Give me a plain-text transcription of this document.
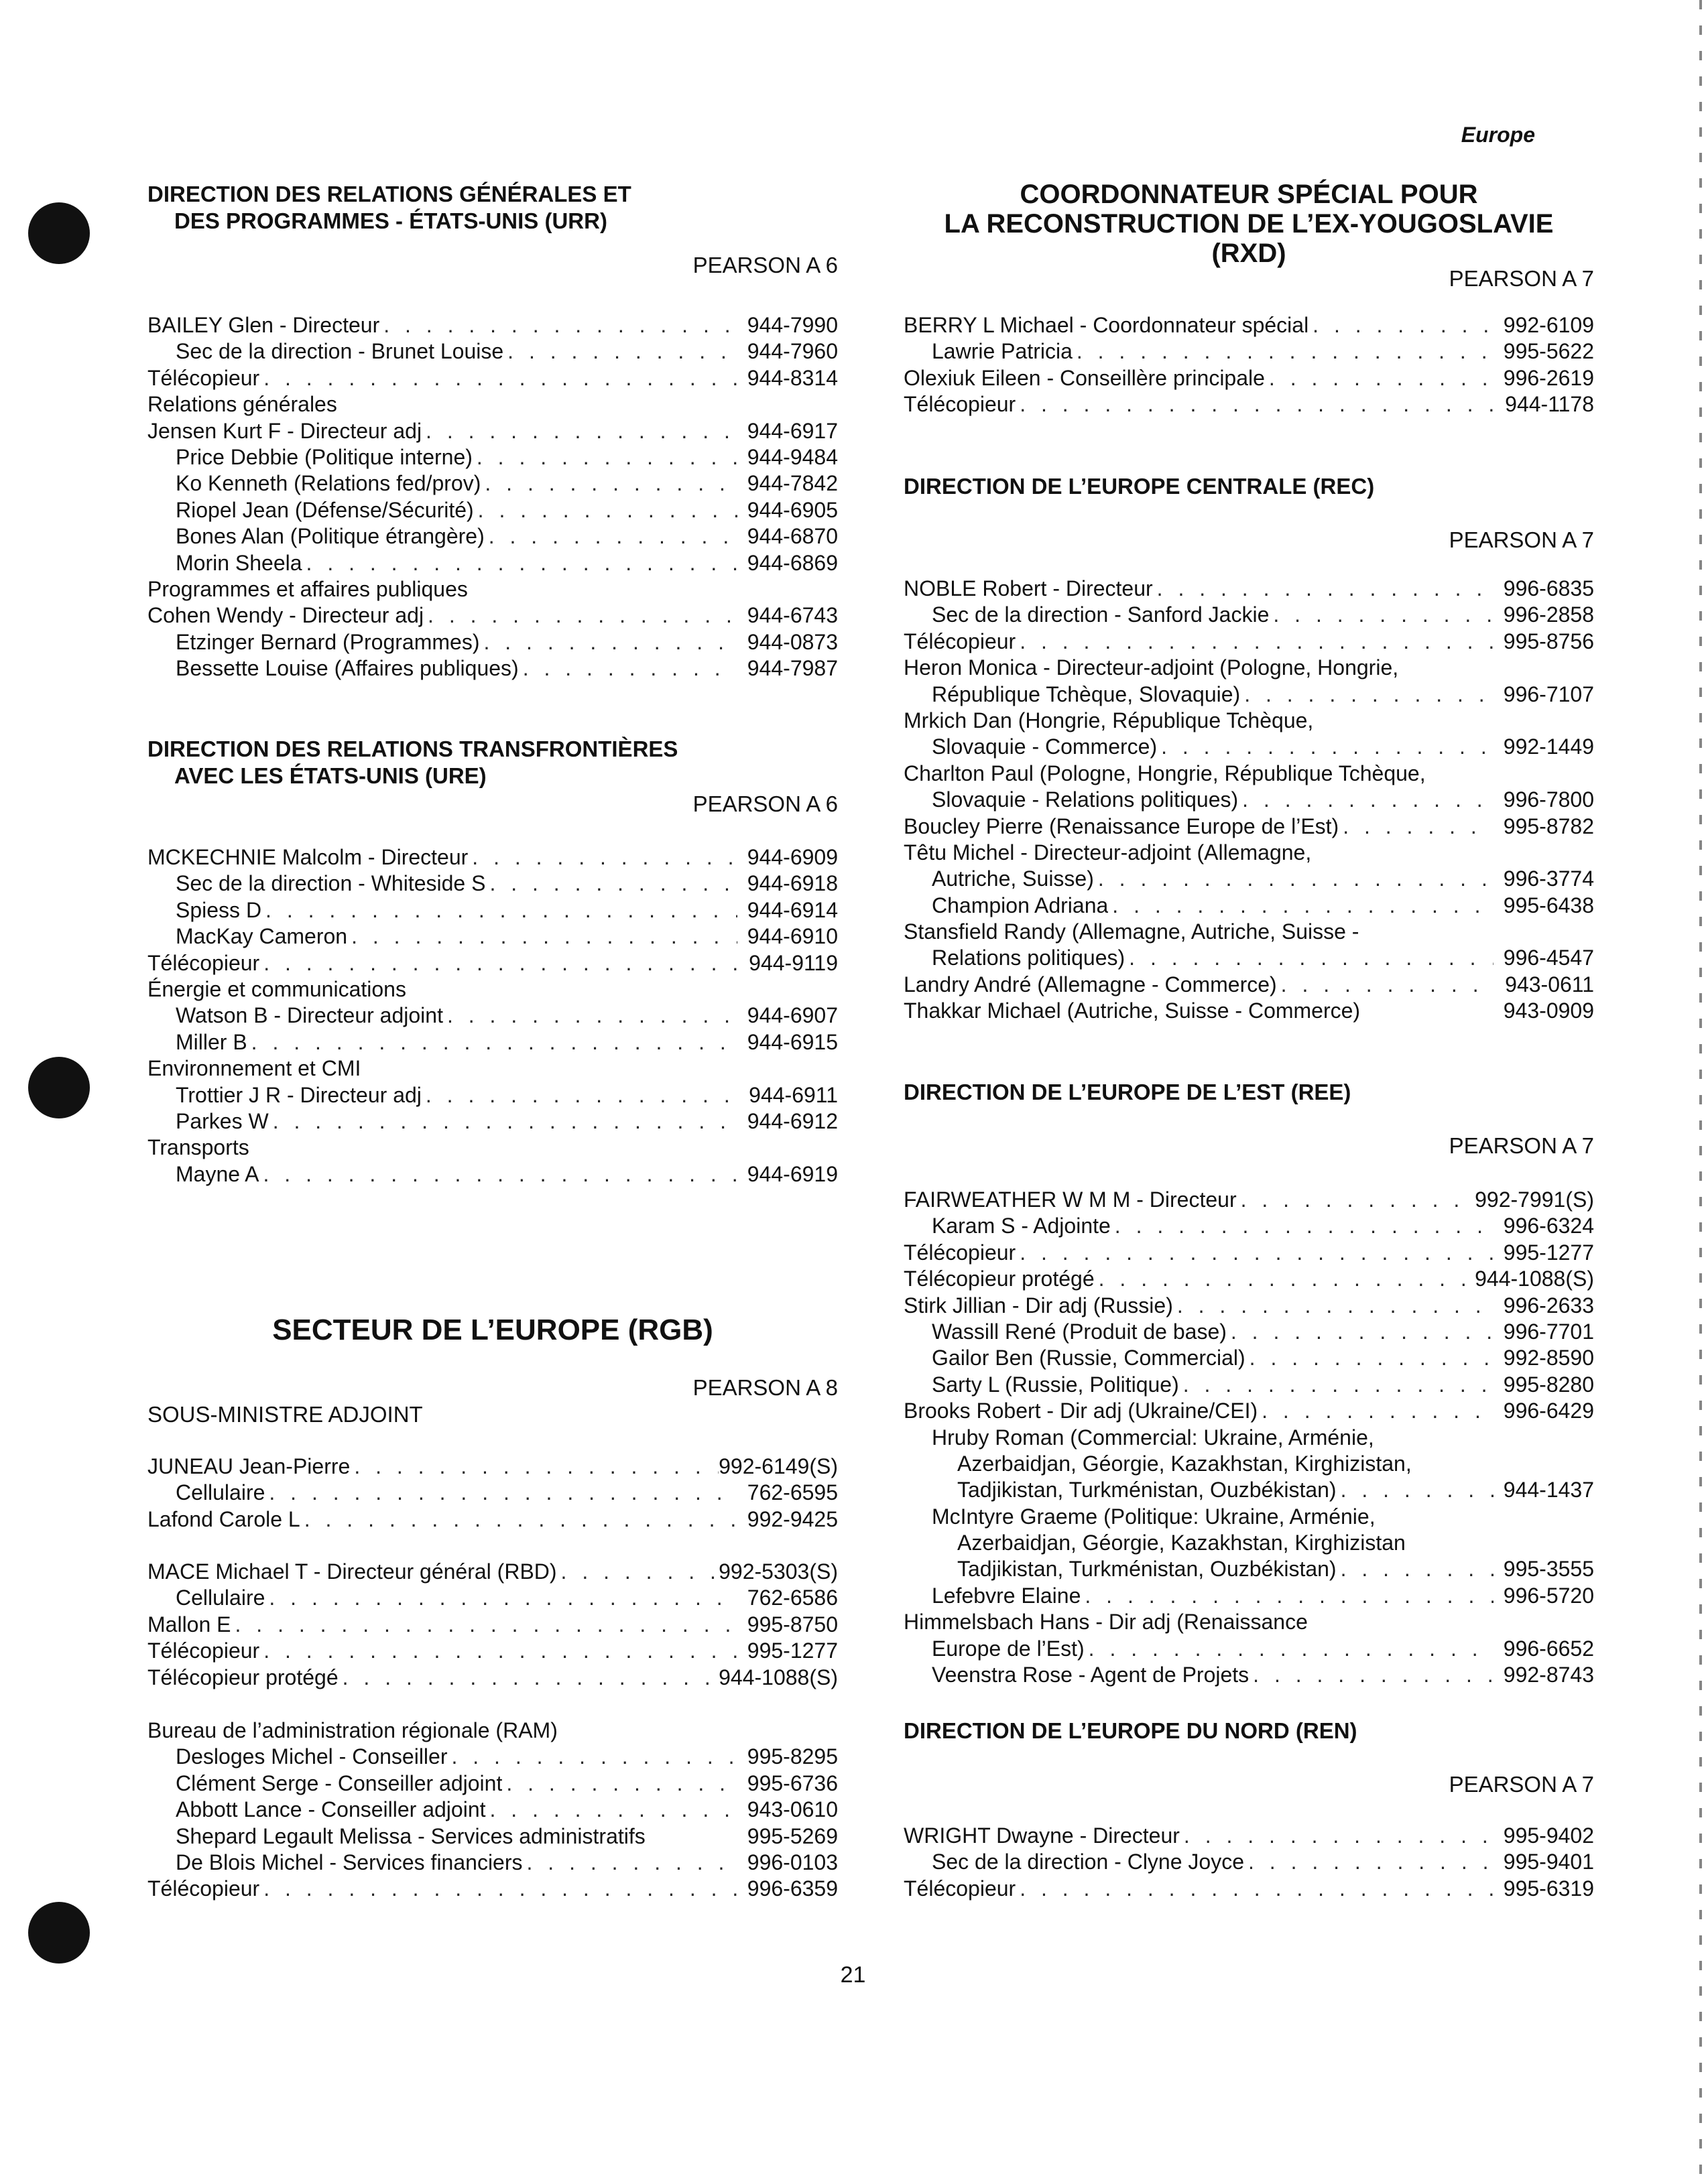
Europe
DIRECTION DES RELATIONS GÉNÉRALES ET
DES PROGRAMMES - ÉTATS-UNIS (URR)
PEARSON A 6
BAILEY Glen - Directeur . . .	944-7990
Sec de la direction - Brunet Louise . . .	944-7960
Télécopieur . . .	944-8314
Relations générales
Jensen Kurt F - Directeur adj . . .	944-6917
Price Debbie (Politique interne) . . .	944-9484
Ko Kenneth (Relations fed/prov) . . .	944-7842
Riopel Jean (Défense/Sécurité) . . .	944-6905
Bones Alan (Politique étrangère) . . .	944-6870
Morin Sheela . . .	944-6869
Programmes et affaires publiques
Cohen Wendy - Directeur adj . . .	944-6743
Etzinger Bernard (Programmes) . . .	944-0873
Bessette Louise (Affaires publiques) . . .	944-7987
DIRECTION DES RELATIONS TRANSFRONTIÈRES
AVEC LES ÉTATS-UNIS (URE)
PEARSON A 6
MCKECHNIE Malcolm - Directeur . . .	944-6909
Sec de la direction - Whiteside S . . .	944-6918
Spiess D . . .	944-6914
MacKay Cameron . . .	944-6910
Télécopieur . . .	944-9119
Énergie et communications
Watson B - Directeur adjoint . . .	944-6907
Miller B . . .	944-6915
Environnement et CMI
Trottier J R - Directeur adj . . .	944-6911
Parkes W . . .	944-6912
Transports
Mayne A . . .	944-6919
SECTEUR DE L’EUROPE (RGB)
PEARSON A 8
SOUS-MINISTRE ADJOINT
JUNEAU Jean-Pierre . . .	992-6149(S)
Cellulaire . . .	762-6595
Lafond Carole L . . .	992-9425
MACE Michael T - Directeur général (RBD) . . .	992-5303(S)
Cellulaire . . .	762-6586
Mallon E . . .	995-8750
Télécopieur . . .	995-1277
Télécopieur protégé . . .	944-1088(S)
Bureau de l’administration régionale (RAM)
Desloges Michel - Conseiller . . .	995-8295
Clément Serge - Conseiller adjoint . . .	995-6736
Abbott Lance - Conseiller adjoint . . .	943-0610
Shepard Legault Melissa - Services administratifs	995-5269
De Blois Michel - Services financiers . . .	996-0103
Télécopieur . . .	996-6359
COORDONNATEUR SPÉCIAL POUR
LA RECONSTRUCTION DE L’EX-YOUGOSLAVIE
(RXD)
PEARSON A 7
BERRY L Michael - Coordonnateur spécial . . .	992-6109
Lawrie Patricia . . .	995-5622
Olexiuk Eileen - Conseillère principale . . .	996-2619
Télécopieur . . .	944-1178
DIRECTION DE L’EUROPE CENTRALE (REC)
PEARSON A 7
NOBLE Robert - Directeur . . .	996-6835
Sec de la direction - Sanford Jackie . . .	996-2858
Télécopieur . . .	995-8756
Heron Monica - Directeur-adjoint (Pologne, Hongrie,
République Tchèque, Slovaquie) . . .	996-7107
Mrkich Dan (Hongrie, République Tchèque,
Slovaquie - Commerce) . . .	992-1449
Charlton Paul (Pologne, Hongrie, République Tchèque,
Slovaquie - Relations politiques) . . .	996-7800
Boucley Pierre (Renaissance Europe de l’Est) . . .	995-8782
Têtu Michel - Directeur-adjoint (Allemagne,
Autriche, Suisse) . . .	996-3774
Champion Adriana . . .	995-6438
Stansfield Randy (Allemagne, Autriche, Suisse -
Relations politiques) . . .	996-4547
Landry André (Allemagne - Commerce) . . .	943-0611
Thakkar Michael (Autriche, Suisse - Commerce)	943-0909
DIRECTION DE L’EUROPE DE L’EST (REE)
PEARSON A 7
FAIRWEATHER W M M - Directeur . . .	992-7991(S)
Karam S - Adjointe . . .	996-6324
Télécopieur . . .	995-1277
Télécopieur protégé . . .	944-1088(S)
Stirk Jillian - Dir adj (Russie) . . .	996-2633
Wassill René (Produit de base) . . .	996-7701
Gailor Ben (Russie, Commercial) . . .	992-8590
Sarty L (Russie, Politique) . . .	995-8280
Brooks Robert - Dir adj (Ukraine/CEI) . . .	996-6429
Hruby Roman (Commercial: Ukraine, Arménie,
Azerbaidjan, Géorgie, Kazakhstan, Kirghizistan,
Tadjikistan, Turkménistan, Ouzbékistan) . . .	944-1437
McIntyre Graeme (Politique: Ukraine, Arménie,
Azerbaidjan, Géorgie, Kazakhstan, Kirghizistan
Tadjikistan, Turkménistan, Ouzbékistan) . . .	995-3555
Lefebvre Elaine . . .	996-5720
Himmelsbach Hans - Dir adj (Renaissance
Europe de l’Est) . . .	996-6652
Veenstra Rose - Agent de Projets . . .	992-8743
DIRECTION DE L’EUROPE DU NORD (REN)
PEARSON A 7
WRIGHT Dwayne - Directeur . . .	995-9402
Sec de la direction - Clyne Joyce . . .	995-9401
Télécopieur . . .	995-6319
21
